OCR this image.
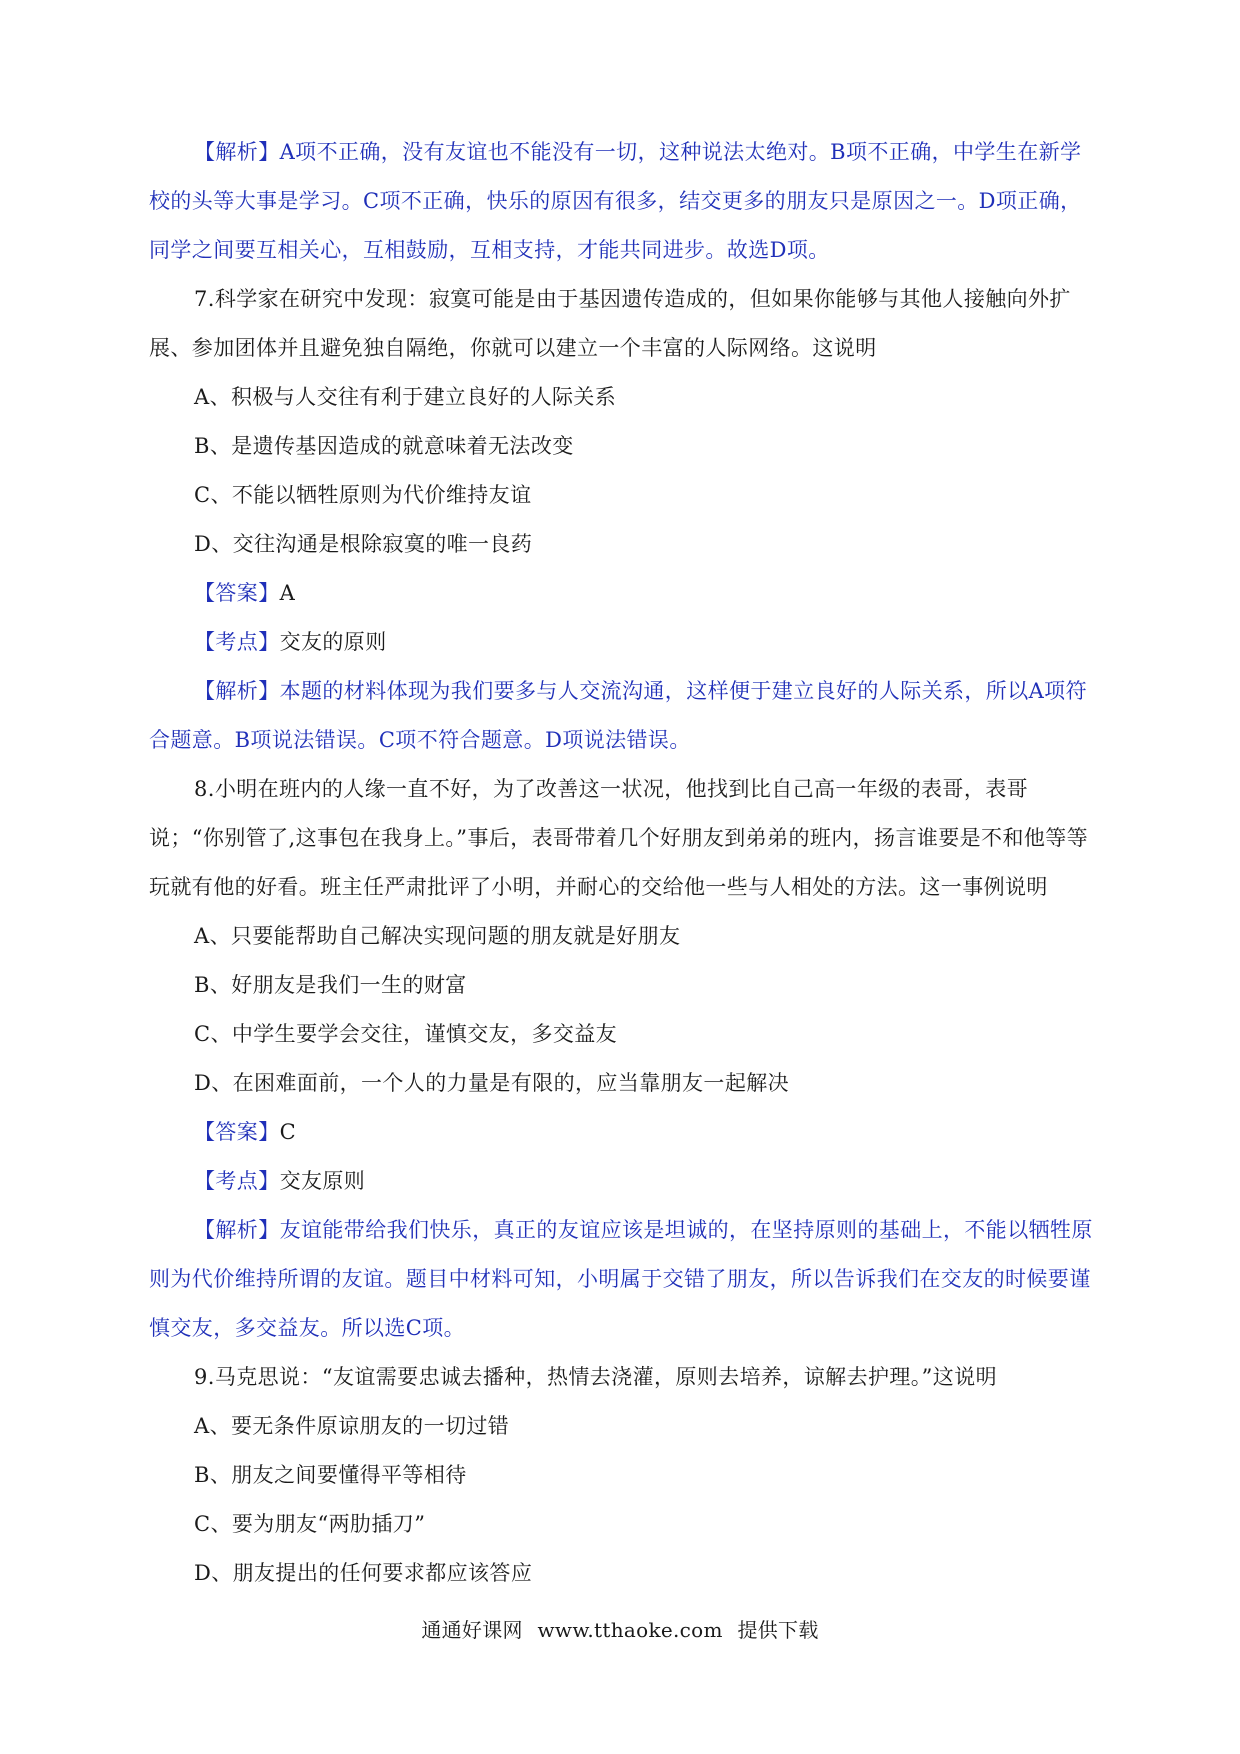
【解析】A项不正确，没有友谊也不能没有一切，这种说法太绝对。B项不正确，中学生在新学校的头等大事是学习。C项不正确，快乐的原因有很多，结交更多的朋友只是原因之一。D项正确，同学之间要互相关心，互相鼓励，互相支持，才能共同进步。故选D项。

7.科学家在研究中发现：寂寞可能是由于基因遗传造成的，但如果你能够与其他人接触向外扩展、参加团体并且避免独自隔绝，你就可以建立一个丰富的人际网络。这说明

A、积极与人交往有利于建立良好的人际关系

B、是遗传基因造成的就意味着无法改变

C、不能以牺牲原则为代价维持友谊

D、交往沟通是根除寂寞的唯一良药

【答案】A

【考点】交友的原则

【解析】本题的材料体现为我们要多与人交流沟通，这样便于建立良好的人际关系，所以A项符合题意。B项说法错误。C项不符合题意。D项说法错误。

8.小明在班内的人缘一直不好，为了改善这一状况，他找到比自己高一年级的表哥，表哥说；“你别管了,这事包在我身上。”事后，表哥带着几个好朋友到弟弟的班内，扬言谁要是不和他等等玩就有他的好看。班主任严肃批评了小明，并耐心的交给他一些与人相处的方法。这一事例说明

A、只要能帮助自己解决实现问题的朋友就是好朋友

B、好朋友是我们一生的财富

C、中学生要学会交往，谨慎交友，多交益友

D、在困难面前，一个人的力量是有限的，应当靠朋友一起解决

【答案】C

【考点】交友原则

【解析】友谊能带给我们快乐，真正的友谊应该是坦诚的，在坚持原则的基础上，不能以牺牲原则为代价维持所谓的友谊。题目中材料可知，小明属于交错了朋友，所以告诉我们在交友的时候要谨慎交友，多交益友。所以选C项。

9.马克思说：“友谊需要忠诚去播种，热情去浇灌，原则去培养，谅解去护理。”这说明

A、要无条件原谅朋友的一切过错

B、朋友之间要懂得平等相待

C、要为朋友“两肋插刀”

D、朋友提出的任何要求都应该答应

通通好课网 www.tthaoke.com 提供下载
